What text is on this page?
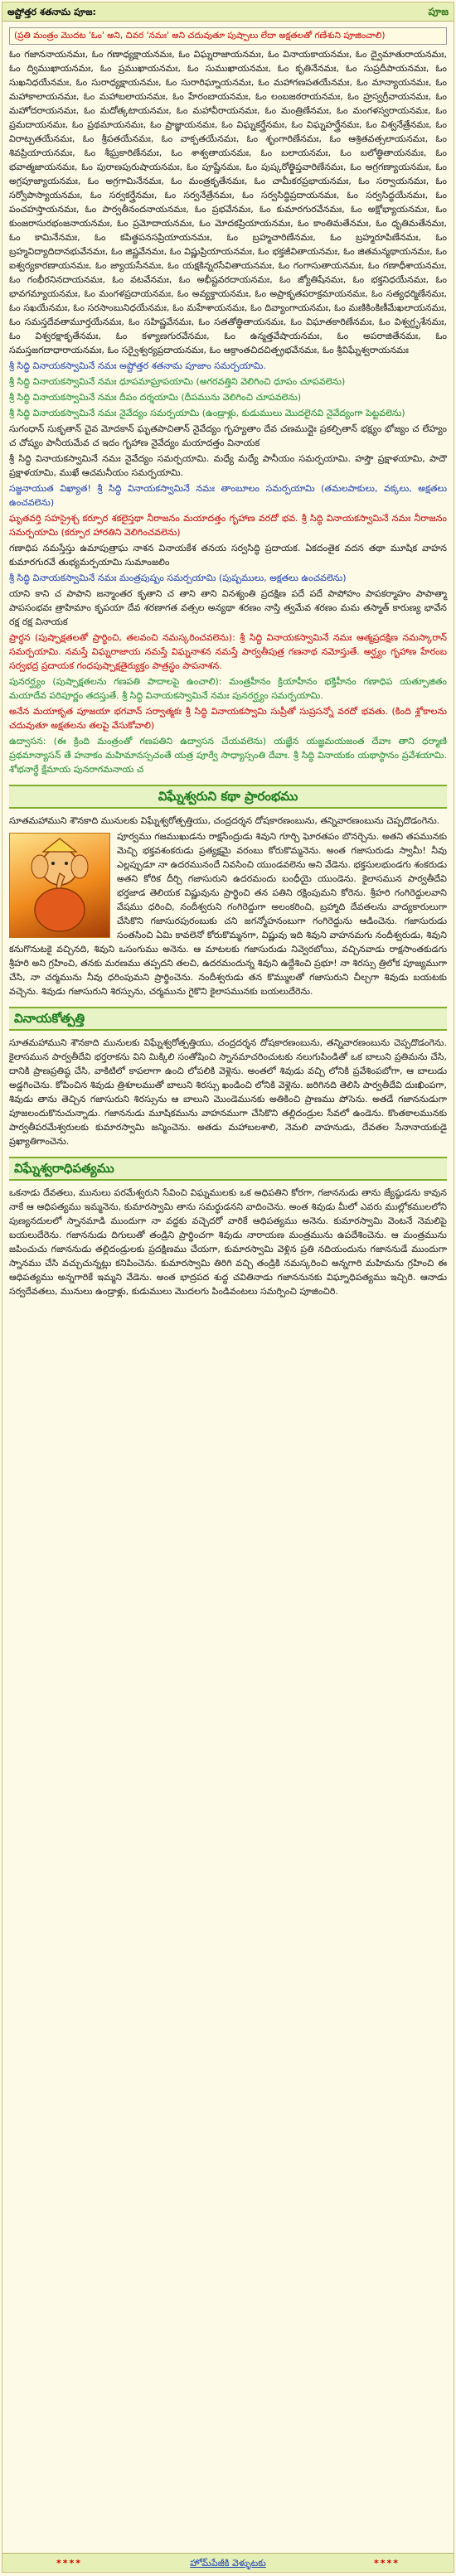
అష్టోత్తర శతనామ పూజ:	పూజ
(ప్రతి మంత్రం మొదట 'ఓం' అని, చివర 'నమః' అని చదువుతూ పుష్పాలు లేదా అక్షతలతో గణేశుని పూజించాలి)

ఓం గజాననాయనమః, ఓం గణాధ్యక్షాయనమః, ఓం విఘ్నరాజాయనమః, ఓం వినాయకాయనమః, ఓం ద్వైమాతురాయనమః, ఓం ద్విముఖాయనమః, ఓం ప్రముఖాయనమః, ఓం సుముఖాయనమః, ఓం కృతినేనమః, ఓం సుప్రదీపాయనమః, ఓం సుఖనిధయేనమః, ఓం సురాధ్యక్షాయనమః, ఓం సురారిఘ్నాయనమః, ఓం మహాగణపతయేనమః, ఓం మాన్యాయనమః, ఓం మహాకాలాయనమః, ఓం మహాబలాయనమః, ఓం హేరంబాయనమః, ఓం లంబజఠరాయనమః, ఓం హ్రస్వగ్రీవాయనమః, ఓం మహోదరాయనమః, ఓం మదోత్కటాయనమః, ఓం మహావీరాయనమః, ఓం మంత్రిణేనమః, ఓం మంగళస్వరాయనమః, ఓం ప్రమదాయనమః, ఓం ప్రథమాయనమః, ఓం ప్రాజ్ఞాయనమః, ఓం విఘ్నకర్త్రేనమః, ఓం విఘ్నహర్త్రేనమః, ఓం విశ్వనేత్రేనమః, ఓం విరాట్పతయేనమః, ఓం శ్రీపతయేనమః, ఓం వాక్పతయేనమః, ఓం శృంగారిణేనమః, ఓం ఆశ్రితవత్సలాయనమః, ఓం శివప్రియాయనమః, ఓం శీఘ్రకారిణేనమః, ఓం శాశ్వతాయనమః, ఓం బలాయనమః, ఓం బలోత్థితాయనమః, ఓం భవాత్మజాయనమః, ఓం పురాణపురుషాయనమః, ఓం పూష్ణేనమః, ఓం పుష్కరోత్క్షిప్తవారిణేనమః, ఓం అగ్రగణ్యాయనమః, ఓం అగ్రపూజ్యాయనమః, ఓం అగ్రగామినేనమః, ఓం మంత్రకృతేనమః, ఓం చామీకరప్రభాయనమః, ఓం సర్వాయనమః, ఓం సర్వోపాస్యాయనమః, ఓం సర్వకర్త్రేనమః, ఓం సర్వనేత్రేనమః, ఓం సర్వసిద్ధిప్రదాయనమః, ఓం సర్వసిద్ధయేనమః, ఓం పంచహస్తాయనమః, ఓం పార్వతీనందనాయనమః, ఓం ప్రభవేనమః, ఓం కుమారగురవేనమః, ఓం అక్షోభ్యాయనమః, ఓం కుంజరాసురభంజనాయనమః, ఓం ప్రమోదాయనమః, ఓం మోదకప్రియాయనమః, ఓం కాంతిమతేనమః, ఓం ధృతిమతేనమః, ఓం కామినేనమః, ఓం కపిత్థపనసప్రియాయనమః, ఓం బ్రహ్మచారిణేనమః, ఓం బ్రహ్మరూపిణేనమః, ఓం బ్రహ్మవిద్యాదిదానభువేనమః, ఓం జిష్ణవేనమః, ఓం విష్ణుప్రియాయనమః, ఓం భక్తజీవితాయనమః, ఓం జితమన్మథాయనమః, ఓం ఐశ్వర్యకారణాయనమః, ఓం జ్యాయసేనమః, ఓం యక్షకిన్నరసేవితాయనమః, ఓం గంగాసుతాయనమః, ఓం గణాధీశాయనమః, ఓం గంభీరనినదాయనమః, ఓం వటవేనమః, ఓం అభీష్టవరదాయనమః, ఓం జ్యోతిషేనమః, ఓం భక్తనిధయేనమః, ఓం భావగమ్యాయనమః, ఓం మంగళప్రదాయనమః, ఓం అవ్యక్తాయనమః, ఓం అప్రాకృతపరాక్రమాయనమః, ఓం సత్యధర్మిణేనమః, ఓం సఖయేనమః, ఓం సరసాంబునిధయేనమః, ఓం మహేశాయనమః, ఓం దివ్యాంగాయనమః, ఓం మణికింకిణీమేఖలాయనమః, ఓం సమస్తదేవతామూర్తయేనమః, ఓం సహిష్ణవేనమః, ఓం సతతోత్థితాయనమః, ఓం విఘాతకారిణేనమః, ఓం విశ్వగ్దృశేనమః, ఓం విశ్వరక్షాకృతేనమః, ఓం కళ్యాణగురవేనమః, ఓం ఉన్మత్తవేషాయనమః, ఓం అపరాజితేనమః, ఓం సమస్తజగదాధారాయనమః, ఓం సర్వైశ్వర్యప్రదాయనమః, ఓం ఆక్రాంతచిదచిత్ప్రభవేనమః, ఓం శ్రీవిఘ్నేశ్వరాయనమః

శ్రీ సిద్ధి వినాయకస్వామినే నమః అష్టోత్తర శతనామ పూజాం సమర్పయామి.

శ్రీ సిద్ధి వినాయకస్వామినే నమః ధూపమాఘ్రాపయామి (అగరవత్తిని వెలిగించి ధూపం చూపవలెను)

శ్రీ సిద్ధి వినాయకస్వామినే నమః దీపం దర్శయామి (దీపమును వెలిగించి చూపవలెను)

శ్రీ సిద్ధి వినాయకస్వామినే నమః నైవేద్యం సమర్పయామి (ఉండ్రాళ్లు, కుడుములు మొదలైనవి నైవేద్యంగా పెట్టవలెను)

సుగంధాన్ సుకృతాన్ చైవ మోదకాన్ ఘృతపాచితాన్ నైవేద్యం గృహ్యతాం దేవ చణముద్గైః ప్రకల్పితాన్ భక్ష్యం భోజ్యం చ లేహ్యం చ చోష్యం పానీయమేవ చ ఇదం గృహాణ నైవేద్యం మయాదత్తం వినాయక

శ్రీ సిద్ధి వినాయకస్వామినే నమః నైవేద్యం సమర్పయామి. మధ్యే మధ్యే పానీయం సమర్పయామి. హస్తౌ ప్రక్షాళయామి, పాదౌ ప్రక్షాళయామి, ముఖే ఆచమనీయం సమర్పయామి.

సజ్జనాయుత విఖ్యాత! శ్రీ సిద్ధి వినాయకస్వామినే నమః తాంబూలం సమర్పయామి (తమలపాకులు, వక్కలు, అక్షతలు ఉంచవలెను)

ఘృతవర్తి సహస్రైశ్చ కర్పూర శకలైస్తథా నీరాజనం మయాదత్తం గృహాణ వరదో భవ. శ్రీ సిద్ధి వినాయకస్వామినే నమః నీరాజనం సమర్పయామి (కర్పూర హారతిని వెలిగించవలెను)

గణాధిప నమస్తేస్తు ఉమాపుత్రాఘ నాశన వినాయకేశ తనయ సర్వసిద్ధి ప్రదాయక. ఏకదంతైక వదన తథా మూషిక వాహన కుమారగురవే తుభ్యమర్పయామి సుమాంజలిం

శ్రీ సిద్ధి వినాయకస్వామినే నమః మంత్రపుష్పం సమర్పయామి (పుష్పములు, అక్షతలు ఉంచవలెను)

యాని కాని చ పాపాని జన్మాంతర కృతాని చ తాని తాని వినశ్యంతి ప్రదక్షిణ పదే పదే పాపోహం పాపకర్మాహం పాపాత్మా పాపసంభవః త్రాహిమాం కృపయా దేవ శరణాగత వత్సల అన్యథా శరణం నాస్తి త్వమేవ శరణం మమ తస్మాత్ కారుణ్య భావేన రక్ష రక్ష వినాయక

ప్రార్థన (పుష్పాక్షతలతో ప్రార్థించి, తలవంచి నమస్కరించవలెను): శ్రీ సిద్ధి వినాయకస్వామినే నమః ఆత్మప్రదక్షిణ నమస్కారాన్ సమర్పయామి. నమస్తే విఘ్నరాజాయ నమస్తే విఘ్ననాశన నమస్తే పార్వతీపుత్ర గణనాథ నమోస్తుతే. అర్ఘ్యం గృహాణ హేరంబ సర్వభద్ర ప్రదాయక గంధపుష్పాక్షతైర్యుక్తం పాత్రస్థం పాపనాశన.

పునరర్ఘ్యం (పుష్పాక్షతలను గణపతి పాదాలపై ఉంచాలి): మంత్రహీనం క్రియాహీనం భక్తిహీనం గణాధిప యత్పూజితం మయాదేవ పరిపూర్ణం తదస్తుతే. శ్రీ సిద్ధి వినాయకస్వామినే నమః పునరర్ఘ్యం సమర్పయామి.

అనేన మయాకృత పూజయా భగవాన్ సర్వాత్మకః శ్రీ సిద్ధి వినాయకస్వామి సుప్రీతో సుప్రసన్నో వరదో భవతు. (కింది శ్లోకాలను చదువుతూ అక్షతలను తలపై వేసుకోవాలి)

ఉద్వాసన: (ఈ క్రింది మంత్రంతో గణపతిని ఉద్వాసన చేయవలెను) యజ్ఞేన యజ్ఞమయజంత దేవాః తాని ధర్మాణి ప్రథమాన్యాసన్ తే హనాకం మహిమానస్సచంతే యత్ర పూర్వే సాధ్యాస్సంతి దేవాః. శ్రీ సిద్ధి వినాయకం యథాస్థానం ప్రవేశయామి. శోభనార్థే క్షేమాయ పునరాగమనాయ చ

విఘ్నేశ్వరుని కథా ప్రారంభము

సూతమహాముని శౌనకాది మునులకు విఘ్నేశ్వరోత్పత్తియు, చంద్రదర్శన దోషకారణంబును, తన్నివారణంబును చెప్పదొడంగెను.

పూర్వము గజముఖుడను రాక్షసేంద్రుడు శివుని గూర్చి ఘోరతపం బొనర్చెను. అతని తపమునకు మెచ్చి భక్తవశంకరుడు ప్రత్యక్షమై వరంబు కోరుకొమ్మనెను. అంత గజాసురుడు స్వామీ! నీవు ఎల్లప్పుడూ నా ఉదరమునందే నివసించి యుండవలెను అని వేడెను. భక్తసులభుండగు శంకరుడు అతని కోరిక దీర్చి గజాసురుని ఉదరమందు బంధీయై యుండెను. కైలాసమున పార్వతీదేవి భర్తజాడ తెలియక విష్ణువును ప్రార్థించి తన పతిని రక్షింపుమని కోరెను. శ్రీహరి గంగిరెద్దులవాని వేషము ధరించి, నందీశ్వరుని గంగిరెద్దుగా అలంకరించి, బ్రహ్మాది దేవతలను వాద్యకారులుగా చేసికొని గజాసురపురంబుకు చని జగన్మోహనంబుగా గంగిరెద్దును ఆడించెను. గజాసురుడు సంతసించి ఏమి కావలెనో కోరుకొమ్మనగా, విష్ణువు ఇది శివుని వాహనమగు నందీశ్వరుడు, శివుని కనుగొనుటకై వచ్చినది, శివుని ఒసంగుము అనెను. ఆ మాటలకు గజాసురుడు నివ్వెరబోయి, వచ్చినవాడు రాక్షసాంతకుడగు శ్రీహరి అని గ్రహించి, తనకు మరణము తప్పదని తలచి, ఉదరమందున్న శివుని ఉద్దేశించి ప్రభూ! నా శిరస్సు త్రిలోక పూజ్యముగా చేసి, నా చర్మమును నీవు ధరింపుమని ప్రార్థించెను. నందీశ్వరుడు తన కొమ్ములతో గజాసురుని చీల్చగా శివుడు బయటకు వచ్చెను. శివుడు గజాసురుని శిరస్సును, చర్మమును గైకొని కైలాసమునకు బయలుదేరెను.

వినాయకోత్పత్తి

సూతమహాముని శౌనకాది మునులకు విఘ్నేశ్వరోత్పత్తియు, చంద్రదర్శన దోషకారణంబును, తన్నివారణంబును చెప్పదొడంగెను. కైలాసమున పార్వతీదేవి భర్తరాకను విని మిక్కిలి సంతోషించి స్నానమాచరించుటకు నలుగుపిండితో ఒక బాలుని ప్రతిమను చేసి, దానికి ప్రాణప్రతిష్ఠ చేసి, వాకిటిలో కాపలాగా ఉంచి లోపలికి వెళ్లెను. అంతలో శివుడు వచ్చి లోనికి ప్రవేశింపబోగా, ఆ బాలుడు అడ్డగించెను. కోపించిన శివుడు త్రిశూలముతో బాలుని శిరస్సు ఖండించి లోనికి వెళ్లెను. జరిగినది తెలిసి పార్వతీదేవి దుఃఖింపగా, శివుడు తాను తెచ్చిన గజాసురుని శిరస్సును ఆ బాలుని మొండెమునకు అతికించి ప్రాణము పోసెను. అతడే గజాననుడుగా పూజలందుకొనుచున్నాడు. గజాననుడు మూషికమును వాహనముగా చేసికొని తల్లిదండ్రుల సేవలో ఉండెను. కొంతకాలమునకు పార్వతీపరమేశ్వరులకు కుమారస్వామి జన్మించెను. అతడు మహాబలశాలి, నెమలి వాహనుడు, దేవతల సేనానాయకుడై ప్రఖ్యాతిగాంచెను.

విఘ్నేశ్వరాధిపత్యము

ఒకనాడు దేవతలు, మునులు పరమేశ్వరుని సేవించి విఘ్నములకు ఒక అధిపతిని కోరగా, గజాననుడు తాను జ్యేష్ఠుడను కావున నాకే ఆ ఆధిపత్యము ఇమ్మనెను, కుమారస్వామి తాను సమర్థుడనని వాదించెను. అంత శివుడు మీలో ఎవరు ముల్లోకములలోని పుణ్యనదులలో స్నానమాడి ముందుగా నా వద్దకు వచ్చెదరో వారికే ఆధిపత్యము అనెను. కుమారస్వామి వెంటనే నెమలిపై బయలుదేరెను. గజాననుడు దిగులుతో తండ్రిని ప్రార్థించగా శివుడు నారాయణ మంత్రమును ఉపదేశించెను. ఆ మంత్రమును జపించుచు గజాననుడు తల్లిదండ్రులకు ప్రదక్షిణము చేయగా, కుమారస్వామి వెళ్లిన ప్రతి నదియందును గజాననుడే ముందుగా స్నానము చేసి వచ్చుచున్నట్లు కనిపించెను. కుమారస్వామి తిరిగి వచ్చి తండ్రికి నమస్కరించి అన్నగారి మహిమను గ్రహించి ఈ ఆధిపత్యము అన్నగారికే ఇమ్మని వేడెను. అంత భాద్రపద శుద్ధ చవితినాడు గజాననునకు విఘ్నాధిపత్యము ఇచ్చిరి. ఆనాడు సర్వదేవతలు, మునులు ఉండ్రాళ్లు, కుడుములు మొదలగు పిండివంటలు సమర్పించి పూజించిరి.

****	హోమ్‌పేజీకి వెళ్ళుటకు	****
